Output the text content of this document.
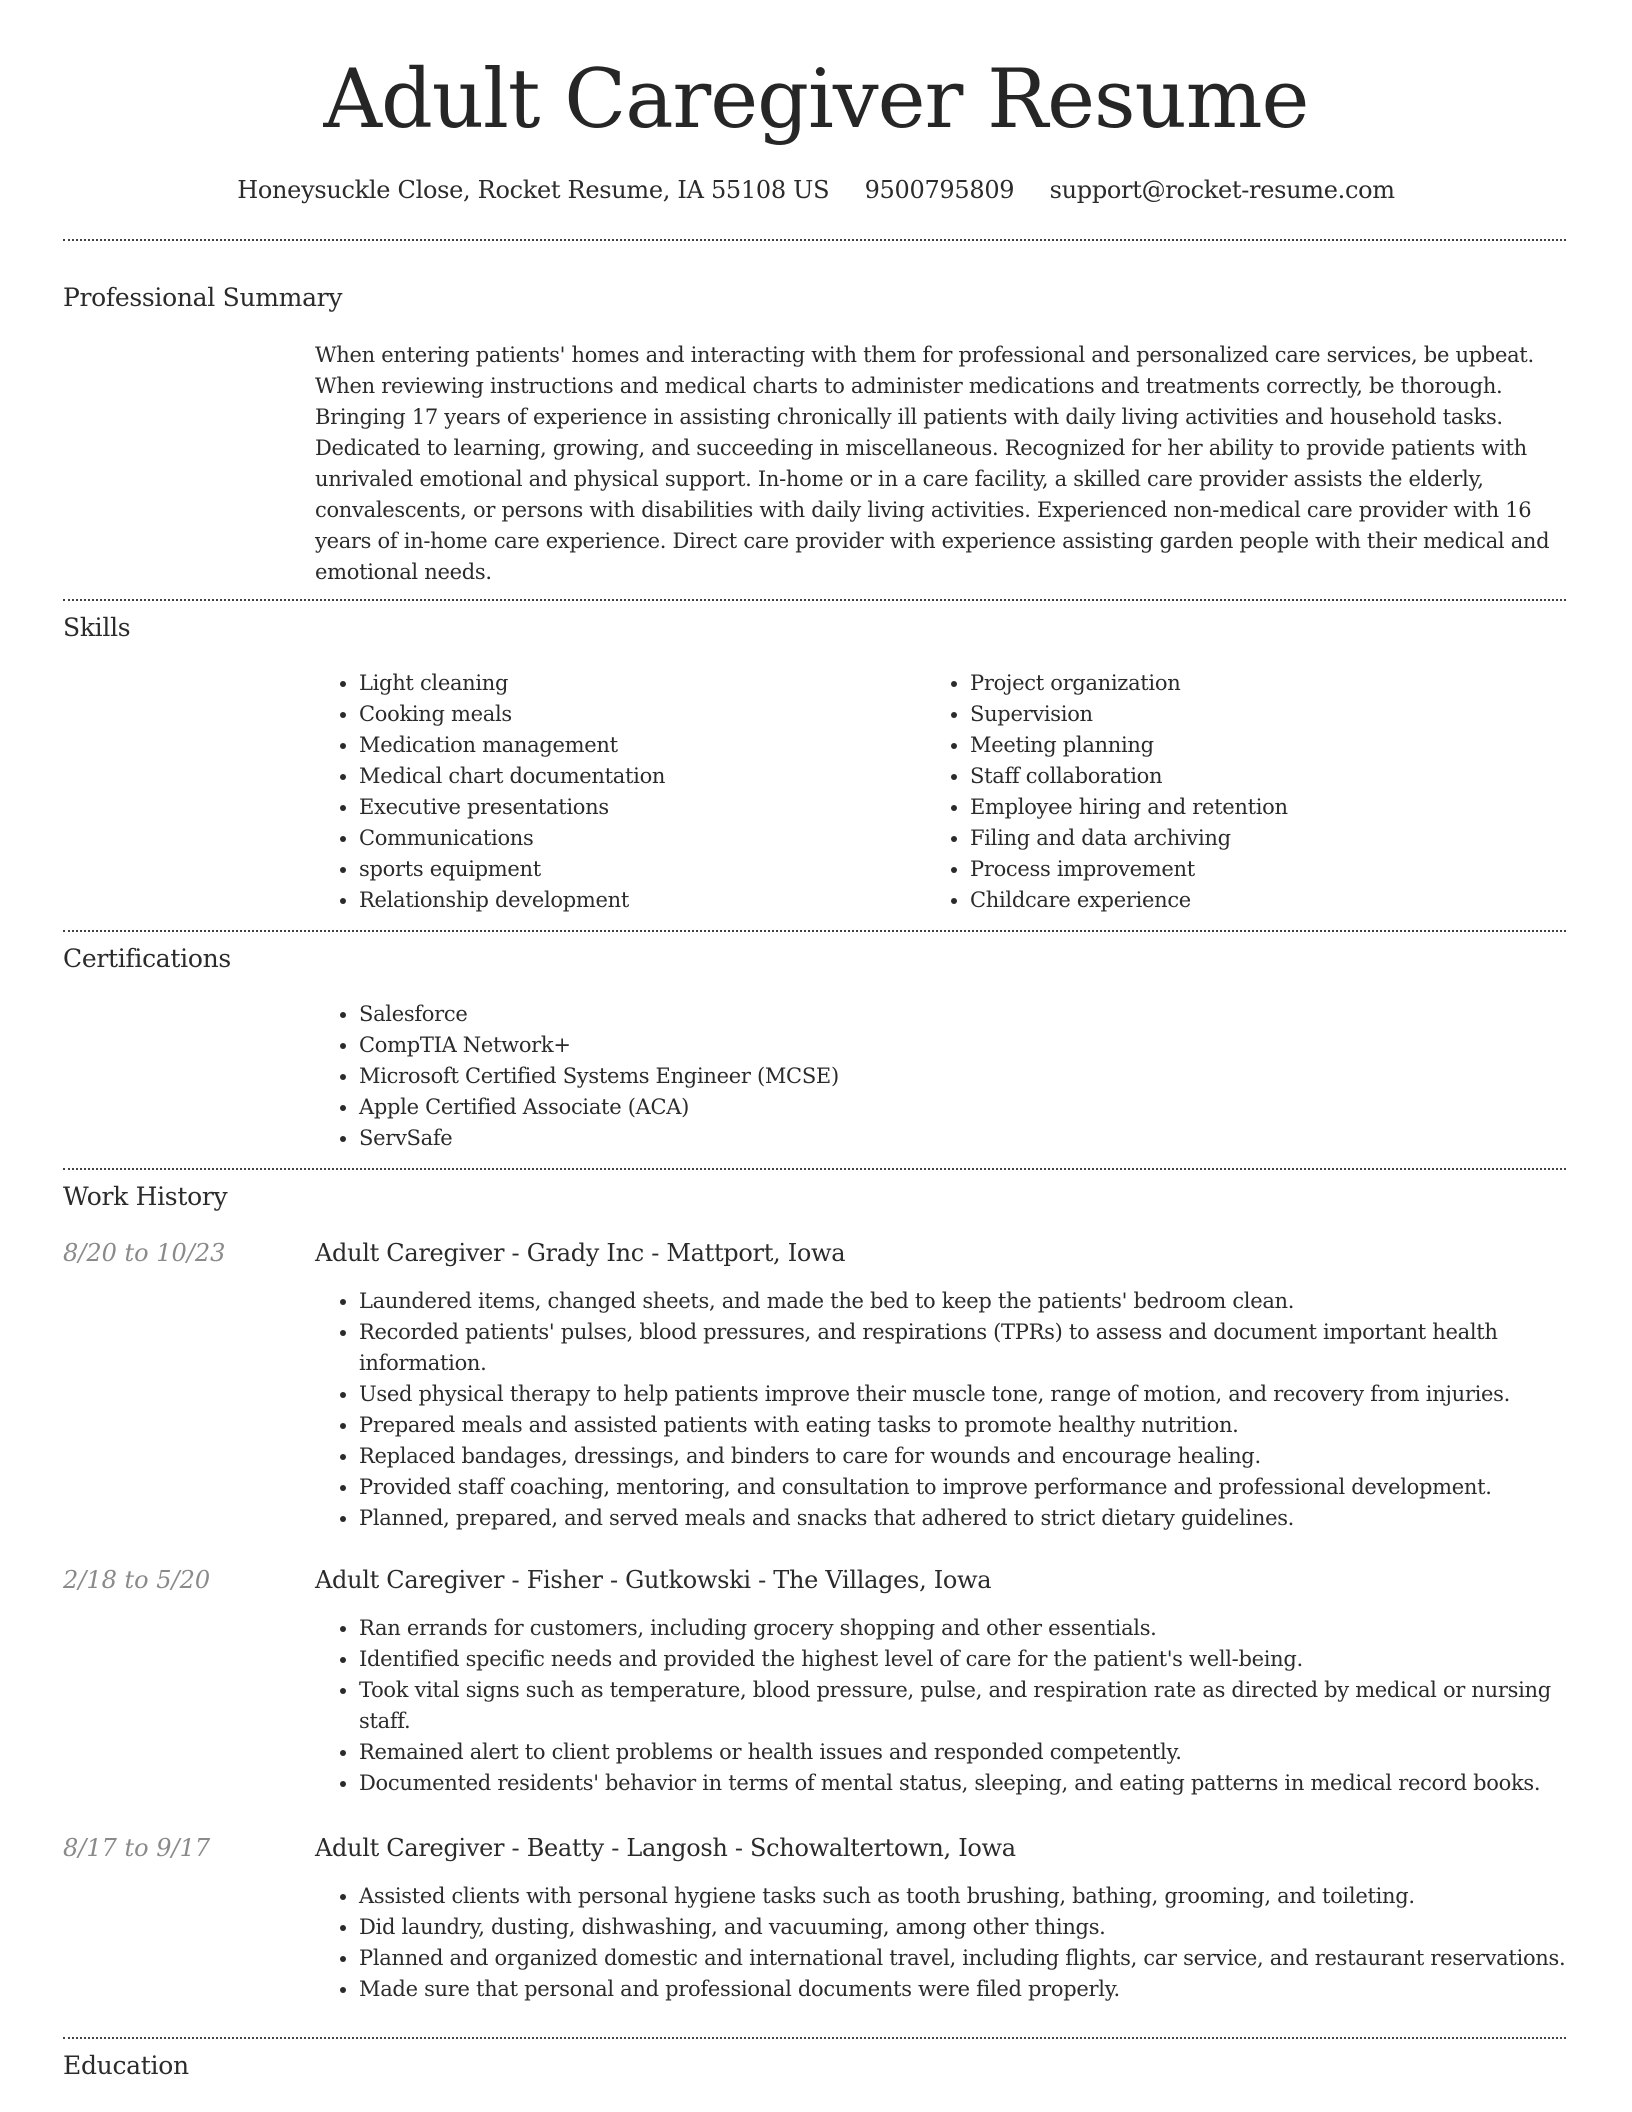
Adult Caregiver Resume
Honeysuckle Close, Rocket Resume, IA 55108 US 9500795809 support@rocket-resume.com
Professional Summary

When entering patients' homes and interacting with them for professional and personalized care services, be upbeat. When reviewing instructions and medical charts to administer medications and treatments correctly, be thorough. Bringing 17 years of experience in assisting chronically ill patients with daily living activities and household tasks. Dedicated to learning, growing, and succeeding in miscellaneous. Recognized for her ability to provide patients with unrivaled emotional and physical support. In-home or in a care facility, a skilled care provider assists the elderly, convalescents, or persons with disabilities with daily living activities. Experienced non-medical care provider with 16 years of in-home care experience. Direct care provider with experience assisting garden people with their medical and emotional needs.

Skills
• Light cleaning
• Cooking meals
• Medication management
• Medical chart documentation
• Executive presentations
• Communications
• sports equipment
• Relationship development
• Project organization
• Supervision
• Meeting planning
• Staff collaboration
• Employee hiring and retention
• Filing and data archiving
• Process improvement
• Childcare experience
Certifications
• Salesforce
• CompTIA Network+
• Microsoft Certified Systems Engineer (MCSE)
• Apple Certified Associate (ACA)
• ServSafe
Work History
8/20 to 10/23	Adult Caregiver - Grady Inc - Mattport, Iowa
• Laundered items, changed sheets, and made the bed to keep the patients' bedroom clean.
• Recorded patients' pulses, blood pressures, and respirations (TPRs) to assess and document important health information.
• Used physical therapy to help patients improve their muscle tone, range of motion, and recovery from injuries.
• Prepared meals and assisted patients with eating tasks to promote healthy nutrition.
• Replaced bandages, dressings, and binders to care for wounds and encourage healing.
• Provided staff coaching, mentoring, and consultation to improve performance and professional development.
• Planned, prepared, and served meals and snacks that adhered to strict dietary guidelines.
2/18 to 5/20	Adult Caregiver - Fisher - Gutkowski - The Villages, Iowa
• Ran errands for customers, including grocery shopping and other essentials.
• Identified specific needs and provided the highest level of care for the patient's well-being.
• Took vital signs such as temperature, blood pressure, pulse, and respiration rate as directed by medical or nursing staff.
• Remained alert to client problems or health issues and responded competently.
• Documented residents' behavior in terms of mental status, sleeping, and eating patterns in medical record books.
8/17 to 9/17	Adult Caregiver - Beatty - Langosh - Schowaltertown, Iowa
• Assisted clients with personal hygiene tasks such as tooth brushing, bathing, grooming, and toileting.
• Did laundry, dusting, dishwashing, and vacuuming, among other things.
• Planned and organized domestic and international travel, including flights, car service, and restaurant reservations.
• Made sure that personal and professional documents were filed properly.
Education
